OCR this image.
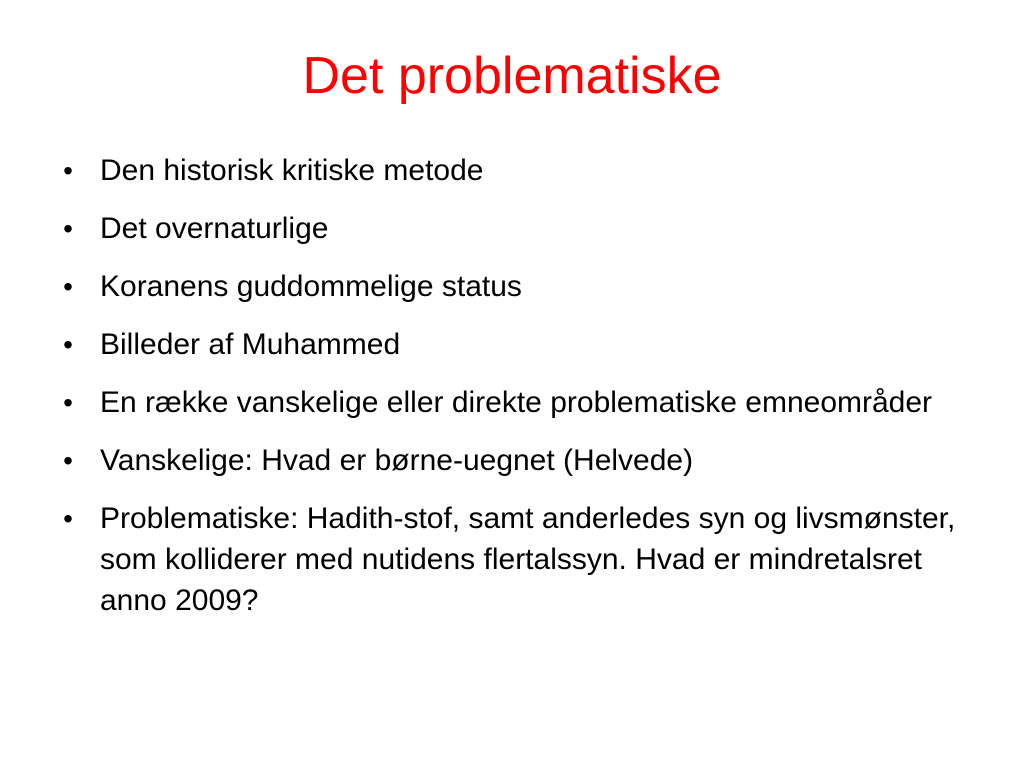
Det problematiske
• Den historisk kritiske metode
• Det overnaturlige
• Koranens guddommelige status
• Billeder af Muhammed
• En række vanskelige eller direkte problematiske emneområder
• Vanskelige: Hvad er børne-uegnet (Helvede)
• Problematiske: Hadith-stof, samt anderledes syn og livsmønster, som kolliderer med nutidens flertalssyn. Hvad er mindretalsret anno 2009?
